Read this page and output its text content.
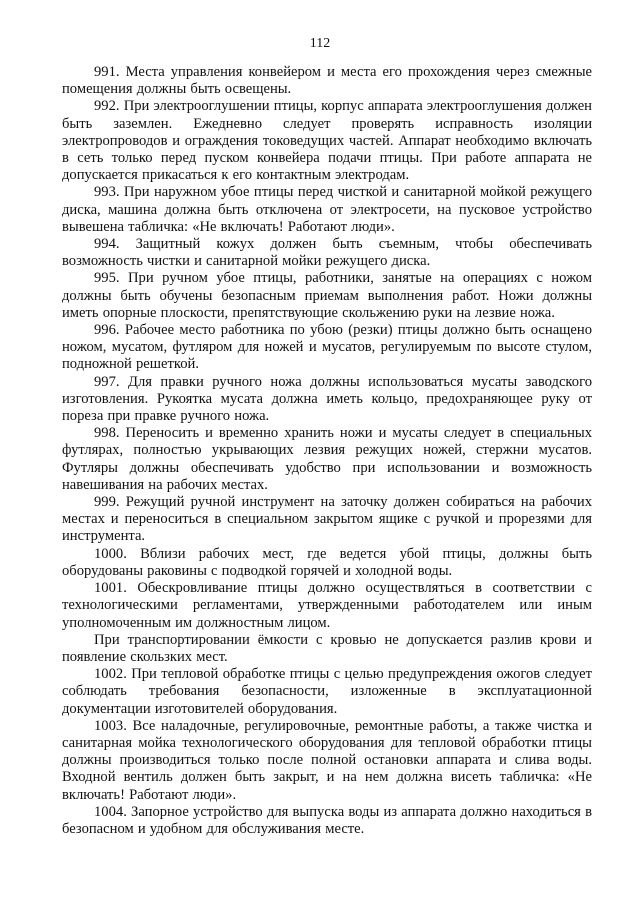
112

991. Места управления конвейером и места его прохождения через смежные помещения должны быть освещены.

992. При электрооглушении птицы, корпус аппарата электрооглушения должен быть заземлен. Ежедневно следует проверять исправность изоляции электропроводов и ограждения токоведущих частей. Аппарат необходимо включать в сеть только перед пуском конвейера подачи птицы. При работе аппарата не допускается прикасаться к его контактным электродам.

993. При наружном убое птицы перед чисткой и санитарной мойкой режущего диска, машина должна быть отключена от электросети, на пусковое устройство вывешена табличка: «Не включать! Работают люди».

994. Защитный кожух должен быть съемным, чтобы обеспечивать возможность чистки и санитарной мойки режущего диска.

995. При ручном убое птицы, работники, занятые на операциях с ножом должны быть обучены безопасным приемам выполнения работ. Ножи должны иметь опорные плоскости, препятствующие скольжению руки на лезвие ножа.

996. Рабочее место работника по убою (резки) птицы должно быть оснащено ножом, мусатом, футляром для ножей и мусатов, регулируемым по высоте стулом, подножной решеткой.

997. Для правки ручного ножа должны использоваться мусаты заводского изготовления. Рукоятка мусата должна иметь кольцо, предохраняющее руку от пореза при правке ручного ножа.

998. Переносить и временно хранить ножи и мусаты следует в специальных футлярах, полностью укрывающих лезвия режущих ножей, стержни мусатов. Футляры должны обеспечивать удобство при использовании и возможность навешивания на рабочих местах.

999. Режущий ручной инструмент на заточку должен собираться на рабочих местах и переноситься в специальном закрытом ящике с ручкой и прорезями для инструмента.

1000. Вблизи рабочих мест, где ведется убой птицы, должны быть оборудованы раковины с подводкой горячей и холодной воды.

1001. Обескровливание птицы должно осуществляться в соответствии с технологическими регламентами, утвержденными работодателем или иным уполномоченным им должностным лицом.

При транспортировании ёмкости с кровью не допускается разлив крови и появление скользких мест.

1002. При тепловой обработке птицы с целью предупреждения ожогов следует соблюдать требования безопасности, изложенные в эксплуатационной документации изготовителей оборудования.

1003. Все наладочные, регулировочные, ремонтные работы, а также чистка и санитарная мойка технологического оборудования для тепловой обработки птицы должны производиться только после полной остановки аппарата и слива воды. Входной вентиль должен быть закрыт, и на нем должна висеть табличка: «Не включать! Работают люди».

1004. Запорное устройство для выпуска воды из аппарата должно находиться в безопасном и удобном для обслуживания месте.
